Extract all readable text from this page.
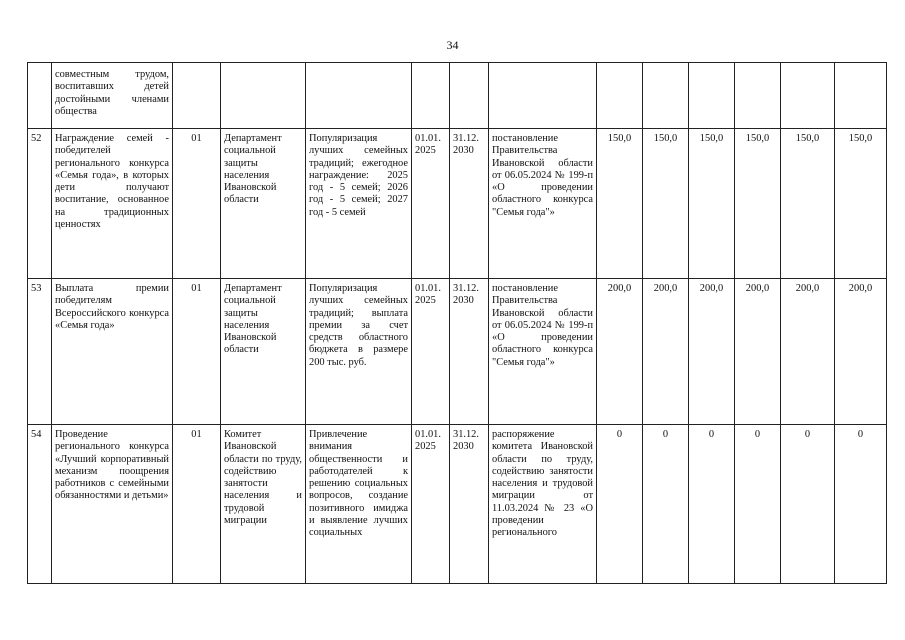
34
	совместным трудом, воспитавших детей достойными членами общества												
52	Награждение семей - победителей регионального конкурса «Семья года», в которых дети получают воспитание, основанное на традиционных ценностях	01	Департамент социальной защиты населения Ивановской области	Популяризация лучших семейных традиций; ежегодное награждение: 2025 год - 5 семей; 2026 год - 5 семей; 2027 год - 5 семей	01.01. 2025	31.12. 2030	постановление Правительства Ивановской области от 06.05.2024 № 199-п «О проведении областного конкурса "Семья года"»	150,0	150,0	150,0	150,0	150,0	150,0
53	Выплата премии победителям Всероссийского конкурса «Семья года»	01	Департамент социальной защиты населения Ивановской области	Популяризация лучших семейных традиций; выплата премии за счет средств областного бюджета в размере 200 тыс. руб.	01.01. 2025	31.12. 2030	постановление Правительства Ивановской области от 06.05.2024 № 199-п «О проведении областного конкурса "Семья года"»	200,0	200,0	200,0	200,0	200,0	200,0
54	Проведение регионального конкурса «Лучший корпоративный механизм поощрения работников с семейными обязанностями и детьми»	01	Комитет Ивановской области по труду, содействию занятости населения и трудовой миграции	Привлечение внимания общественности и работодателей к решению социальных вопросов, создание позитивного имиджа и выявление лучших социальных	01.01. 2025	31.12. 2030	распоряжение комитета Ивановской области по труду, содействию занятости населения и трудовой миграции от 11.03.2024 № 23 «О проведении регионального	0	0	0	0	0	0
